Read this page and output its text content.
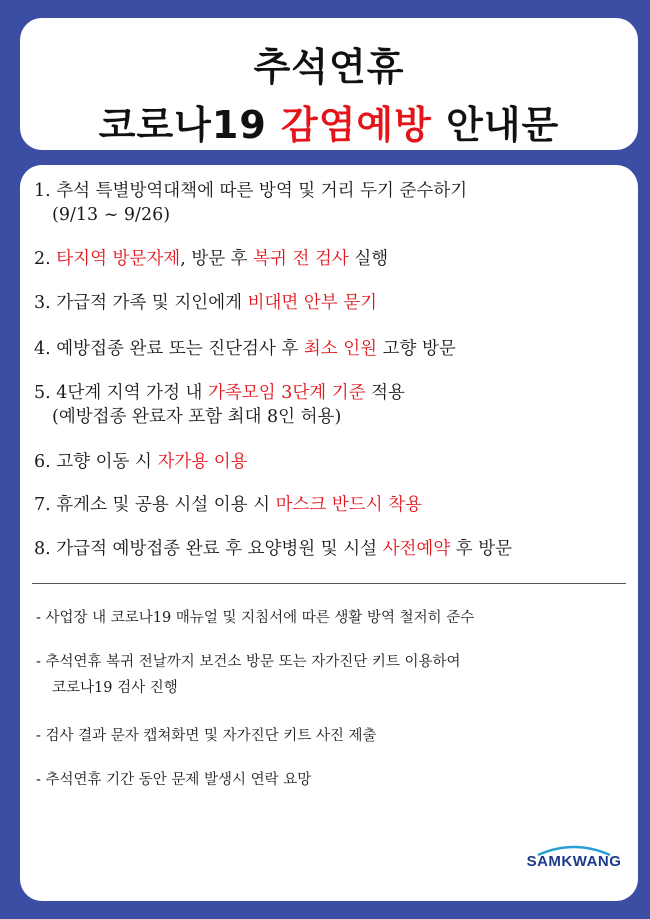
추석연휴
코로나19 감염예방 안내문
1. 추석 특별방역대책에 따른 방역 및 거리 두기 준수하기
(9/13 ~ 9/26)
2. 타지역 방문자제, 방문 후 복귀 전 검사 실행
3. 가급적 가족 및 지인에게 비대면 안부 묻기
4. 예방접종 완료 또는 진단검사 후 최소 인원 고향 방문
5. 4단계 지역 가정 내 가족모임 3단계 기준 적용
(예방접종 완료자 포함 최대 8인 허용)
6. 고향 이동 시 자가용 이용
7. 휴게소 및 공용 시설 이용 시 마스크 반드시 착용
8. 가급적 예방접종 완료 후 요양병원 및 시설 사전예약 후 방문
- 사업장 내 코로나19 매뉴얼 및 지침서에 따른 생활 방역 철저히 준수
- 추석연휴 복귀 전날까지 보건소 방문 또는 자가진단 키트 이용하여
코로나19 검사 진행
- 검사 결과 문자 캡쳐화면 및 자가진단 키트 사진 제출
- 추석연휴 기간 동안 문제 발생시 연락 요망
SAMKWANG
